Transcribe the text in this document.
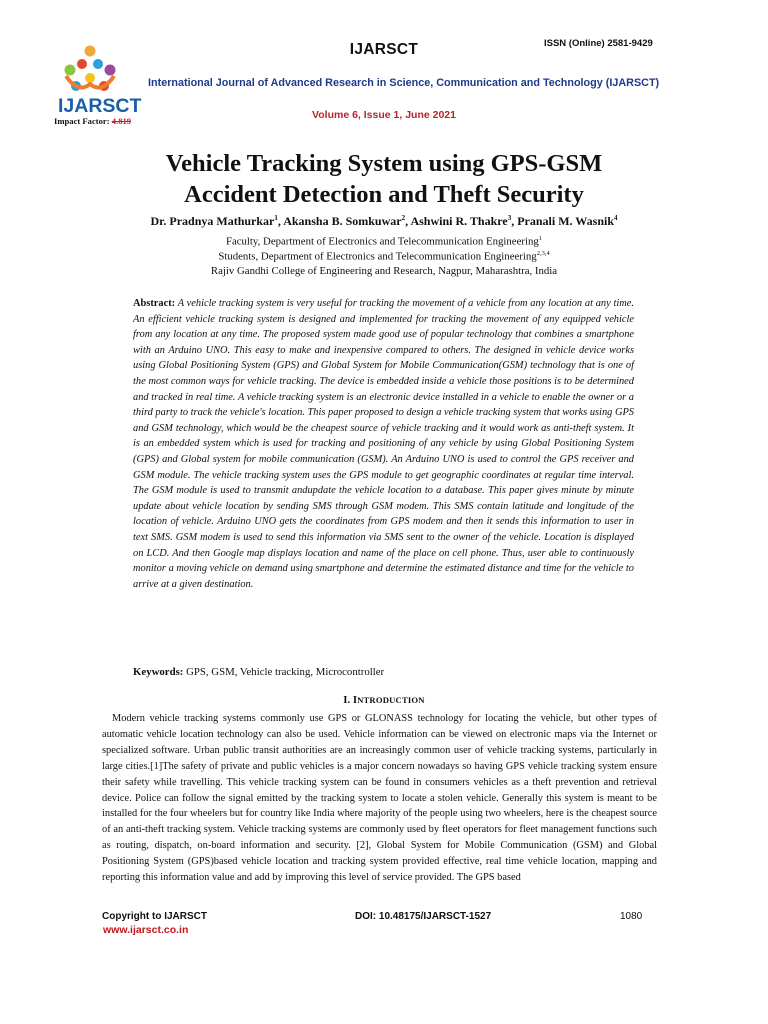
IJARSCT
Impact Factor: 4.819
IJARSCT	ISSN (Online) 2581-9429
International Journal of Advanced Research in Science, Communication and Technology (IJARSCT)
Volume 6, Issue 1, June 2021
Vehicle Tracking System using GPS-GSM
Accident Detection and Theft Security
Dr. Pradnya Mathurkar$^1$, Akansha B. Somkuwar$^2$, Ashwini R. Thakre$^3$, Pranali M. Wasnik$^4$
Faculty, Department of Electronics and Telecommunication Engineering$^1$
Students, Department of Electronics and Telecommunication Engineering$^{2,3,4}$
Rajiv Gandhi College of Engineering and Research, Nagpur, Maharashtra, India
Abstract: A vehicle tracking system is very useful for tracking the movement of a vehicle from any location at any time. An efficient vehicle tracking system is designed and implemented for tracking the movement of any equipped vehicle from any location at any time. The proposed system made good use of popular technology that combines a smartphone with an Arduino UNO. This easy to make and inexpensive compared to others. The designed in vehicle device works using Global Positioning System (GPS) and Global System for Mobile Communication(GSM) technology that is one of the most common ways for vehicle tracking. The device is embedded inside a vehicle those positions is to be determined and tracked in real time. A vehicle tracking system is an electronic device installed in a vehicle to enable the owner or a third party to track the vehicle's location. This paper proposed to design a vehicle tracking system that works using GPS and GSM technology, which would be the cheapest source of vehicle tracking and it would work as anti-theft system. It is an embedded system which is used for tracking and positioning of any vehicle by using Global Positioning System (GPS) and Global system for mobile communication (GSM). An Arduino UNO is used to control the GPS receiver and GSM module. The vehicle tracking system uses the GPS module to get geographic coordinates at regular time interval. The GSM module is used to transmit andupdate the vehicle location to a database. This paper gives minute by minute update about vehicle location by sending SMS through GSM modem. This SMS contain latitude and longitude of the location of vehicle. Arduino UNO gets the coordinates from GPS modem and then it sends this information to user in text SMS. GSM modem is used to send this information via SMS sent to the owner of the vehicle. Location is displayed on LCD. And then Google map displays location and name of the place on cell phone. Thus, user able to continuously monitor a moving vehicle on demand using smartphone and determine the estimated distance and time for the vehicle to arrive at a given destination.
Keywords: GPS, GSM, Vehicle tracking, Microcontroller
I. INTRODUCTION
Modern vehicle tracking systems commonly use GPS or GLONASS technology for locating the vehicle, but other types of automatic vehicle location technology can also be used. Vehicle information can be viewed on electronic maps via the Internet or specialized software. Urban public transit authorities are an increasingly common user of vehicle tracking systems, particularly in large cities.[1]The safety of private and public vehicles is a major concern nowadays so having GPS vehicle tracking system ensure their safety while travelling. This vehicle tracking system can be found in consumers vehicles as a theft prevention and retrieval device. Police can follow the signal emitted by the tracking system to locate a stolen vehicle. Generally this system is meant to be installed for the four wheelers but for country like India where majority of the people using two wheelers, here is the cheapest source of an anti-theft tracking system. Vehicle tracking systems are commonly used by fleet operators for fleet management functions such as routing, dispatch, on-board information and security. [2], Global System for Mobile Communication (GSM) and Global Positioning System (GPS)based vehicle location and tracking system provided effective, real time vehicle location, mapping and reporting this information value and add by improving this level of service provided. The GPS based
Copyright to IJARSCT	DOI: 10.48175/IJARSCT-1527	1080
www.ijarsct.co.in
